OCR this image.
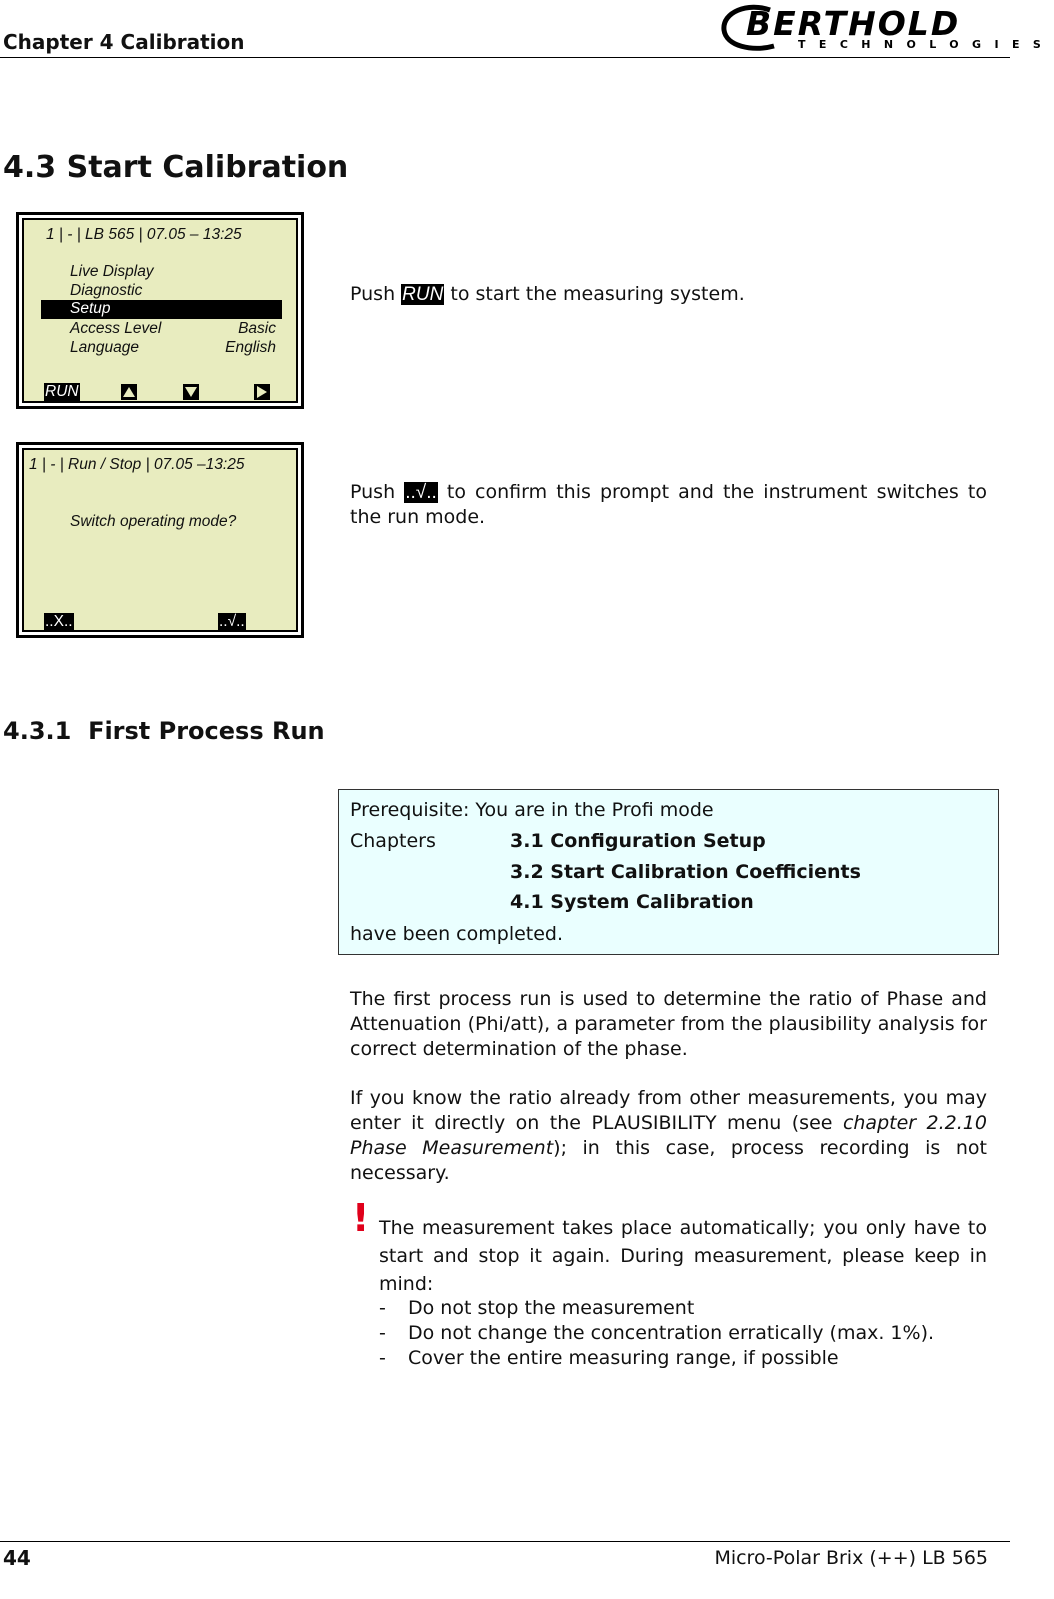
Chapter 4 Calibration	BERTHOLD
TECHNOLOGIES
4.3 Start Calibration
1 | - | LB 565 | 07.05 – 13:25
Live Display
Diagnostic
Setup
Access Level	Basic
Language	English
RUN
Push RUN to start the measuring system.
1 | - | Run / Stop | 07.05 –13:25
Switch operating mode?
..X..	..√..
Push ..√.. to confirm this prompt and the instrument switches to the run mode.
4.3.1 First Process Run
Prerequisite: You are in the Profi mode
Chapters	3.1 Configuration Setup
3.2 Start Calibration Coefficients
4.1 System Calibration
have been completed.
The first process run is used to determine the ratio of Phase and Attenuation (Phi/att), a parameter from the plausibility analysis for correct determination of the phase.
If you know the ratio already from other measurements, you may enter it directly on the PLAUSIBILITY menu (see chapter 2.2.10 Phase Measurement); in this case, process recording is not necessary.
! The measurement takes place automatically; you only have to start and stop it again. During measurement, please keep in mind:
- Do not stop the measurement
- Do not change the concentration erratically (max. 1%).
- Cover the entire measuring range, if possible
44	Micro-Polar Brix (++) LB 565
